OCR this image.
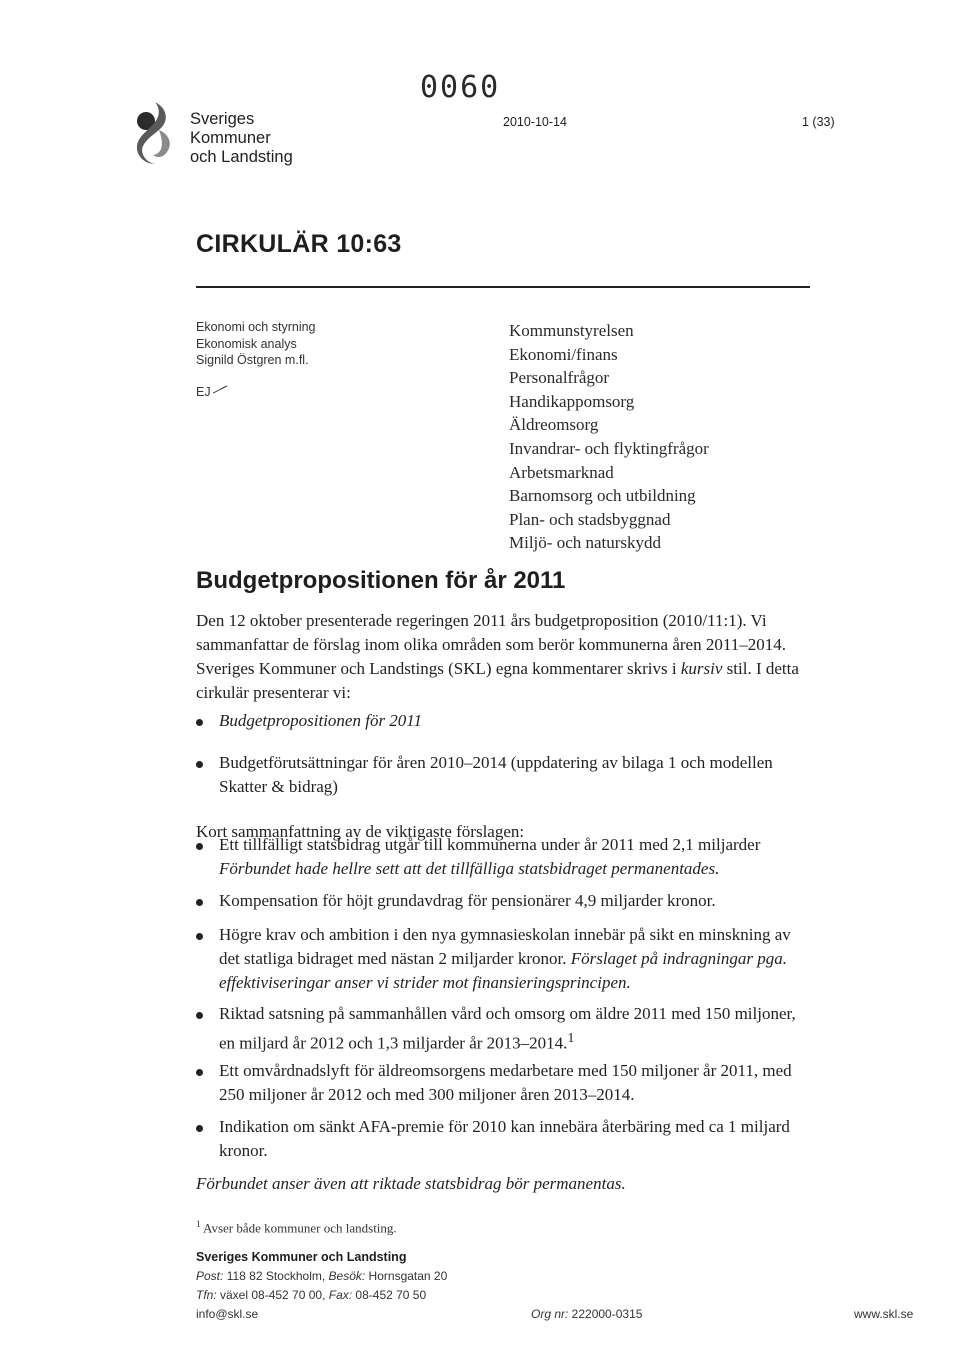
0060
Sveriges
Kommuner
och Landsting
2010-10-14	1 (33)
CIRKULÄR 10:63
Ekonomi och styrning
Ekonomisk analys
Signild Östgren m.fl.
EJ
Kommunstyrelsen
Ekonomi/finans
Personalfrågor
Handikappomsorg
Äldreomsorg
Invandrar- och flyktingfrågor
Arbetsmarknad
Barnomsorg och utbildning
Plan- och stadsbyggnad
Miljö- och naturskydd
Budgetpropositionen för år 2011
Den 12 oktober presenterade regeringen 2011 års budgetproposition (2010/11:1). Vi sammanfattar de förslag inom olika områden som berör kommunerna åren 2011–2014. Sveriges Kommuner och Landstings (SKL) egna kommentarer skrivs i kursiv stil. I detta cirkulär presenterar vi:
Budgetpropositionen för 2011
Budgetförutsättningar för åren 2010–2014 (uppdatering av bilaga 1 och modellen Skatter & bidrag)
Kort sammanfattning av de viktigaste förslagen:
Ett tillfälligt statsbidrag utgår till kommunerna under år 2011 med 2,1 miljarder
Förbundet hade hellre sett att det tillfälliga statsbidraget permanentades.
Kompensation för höjt grundavdrag för pensionärer 4,9 miljarder kronor.
Högre krav och ambition i den nya gymnasieskolan innebär på sikt en minskning av det statliga bidraget med nästan 2 miljarder kronor. Förslaget på indragningar pga. effektiviseringar anser vi strider mot finansieringsprincipen.
Riktad satsning på sammanhållen vård och omsorg om äldre 2011 med 150 miljoner, en miljard år 2012 och 1,3 miljarder år 2013–2014.$^1$
Ett omvårdnadslyft för äldreomsorgens medarbetare med 150 miljoner år 2011, med 250 miljoner år 2012 och med 300 miljoner åren 2013–2014.
Indikation om sänkt AFA-premie för 2010 kan innebära återbäring med ca 1 miljard kronor.
Förbundet anser även att riktade statsbidrag bör permanentas.
$^1$ Avser både kommuner och landsting.
Sveriges Kommuner och Landsting
Post: 118 82 Stockholm, Besök: Hornsgatan 20
Tfn: växel 08-452 70 00, Fax: 08-452 70 50
info@skl.se	Org nr: 222000-0315	www.skl.se
